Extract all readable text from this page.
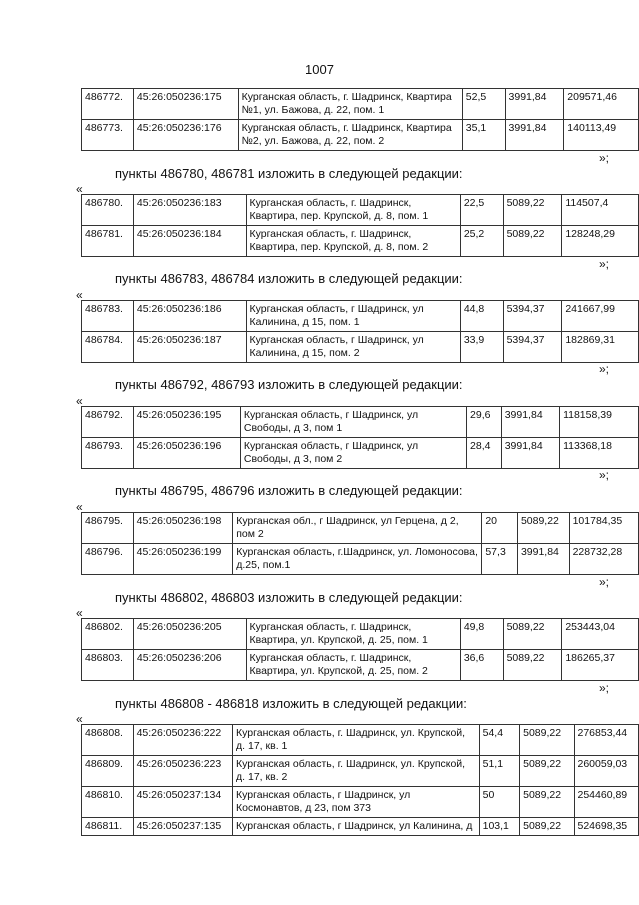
1007
486772.	45:26:050236:175	Курганская область, г. Шадринск, Квартира №1, ул. Бажова, д. 22, пом. 1	52,5	3991,84	209571,46
486773.	45:26:050236:176	Курганская область, г. Шадринск, Квартира №2, ул. Бажова, д. 22, пом. 2	35,1	3991,84	140113,49
»;
пункты 486780, 486781 изложить в следующей редакции:
«
486780.	45:26:050236:183	Курганская область, г. Шадринск, Квартира, пер. Крупской, д. 8, пом. 1	22,5	5089,22	114507,4
486781.	45:26:050236:184	Курганская область, г. Шадринск, Квартира, пер. Крупской, д. 8, пом. 2	25,2	5089,22	128248,29
»;
пункты 486783, 486784 изложить в следующей редакции:
«
486783.	45:26:050236:186	Курганская область, г Шадринск, ул Калинина, д 15, пом. 1	44,8	5394,37	241667,99
486784.	45:26:050236:187	Курганская область, г Шадринск, ул Калинина, д 15, пом. 2	33,9	5394,37	182869,31
»;
пункты 486792, 486793 изложить в следующей редакции:
«
486792.	45:26:050236:195	Курганская область, г Шадринск, ул Свободы, д 3, пом 1	29,6	3991,84	118158,39
486793.	45:26:050236:196	Курганская область, г Шадринск, ул Свободы, д 3, пом 2	28,4	3991,84	113368,18
»;
пункты 486795, 486796 изложить в следующей редакции:
«
486795.	45:26:050236:198	Курганская обл., г Шадринск, ул Герцена, д 2, пом 2	20	5089,22	101784,35
486796.	45:26:050236:199	Курганская область, г.Шадринск, ул. Ломоносова, д.25, пом.1	57,3	3991,84	228732,28
»;
пункты 486802, 486803 изложить в следующей редакции:
«
486802.	45:26:050236:205	Курганская область, г. Шадринск, Квартира, ул. Крупской, д. 25, пом. 1	49,8	5089,22	253443,04
486803.	45:26:050236:206	Курганская область, г. Шадринск, Квартира, ул. Крупской, д. 25, пом. 2	36,6	5089,22	186265,37
»;
пункты 486808 - 486818 изложить в следующей редакции:
«
486808.	45:26:050236:222	Курганская область, г. Шадринск, ул. Крупской, д. 17, кв. 1	54,4	5089,22	276853,44
486809.	45:26:050236:223	Курганская область, г. Шадринск, ул. Крупской, д. 17, кв. 2	51,1	5089,22	260059,03
486810.	45:26:050237:134	Курганская область, г Шадринск, ул Космонавтов, д 23, пом 373	50	5089,22	254460,89
486811.	45:26:050237:135	Курганская область, г Шадринск, ул Калинина, д	103,1	5089,22	524698,35
